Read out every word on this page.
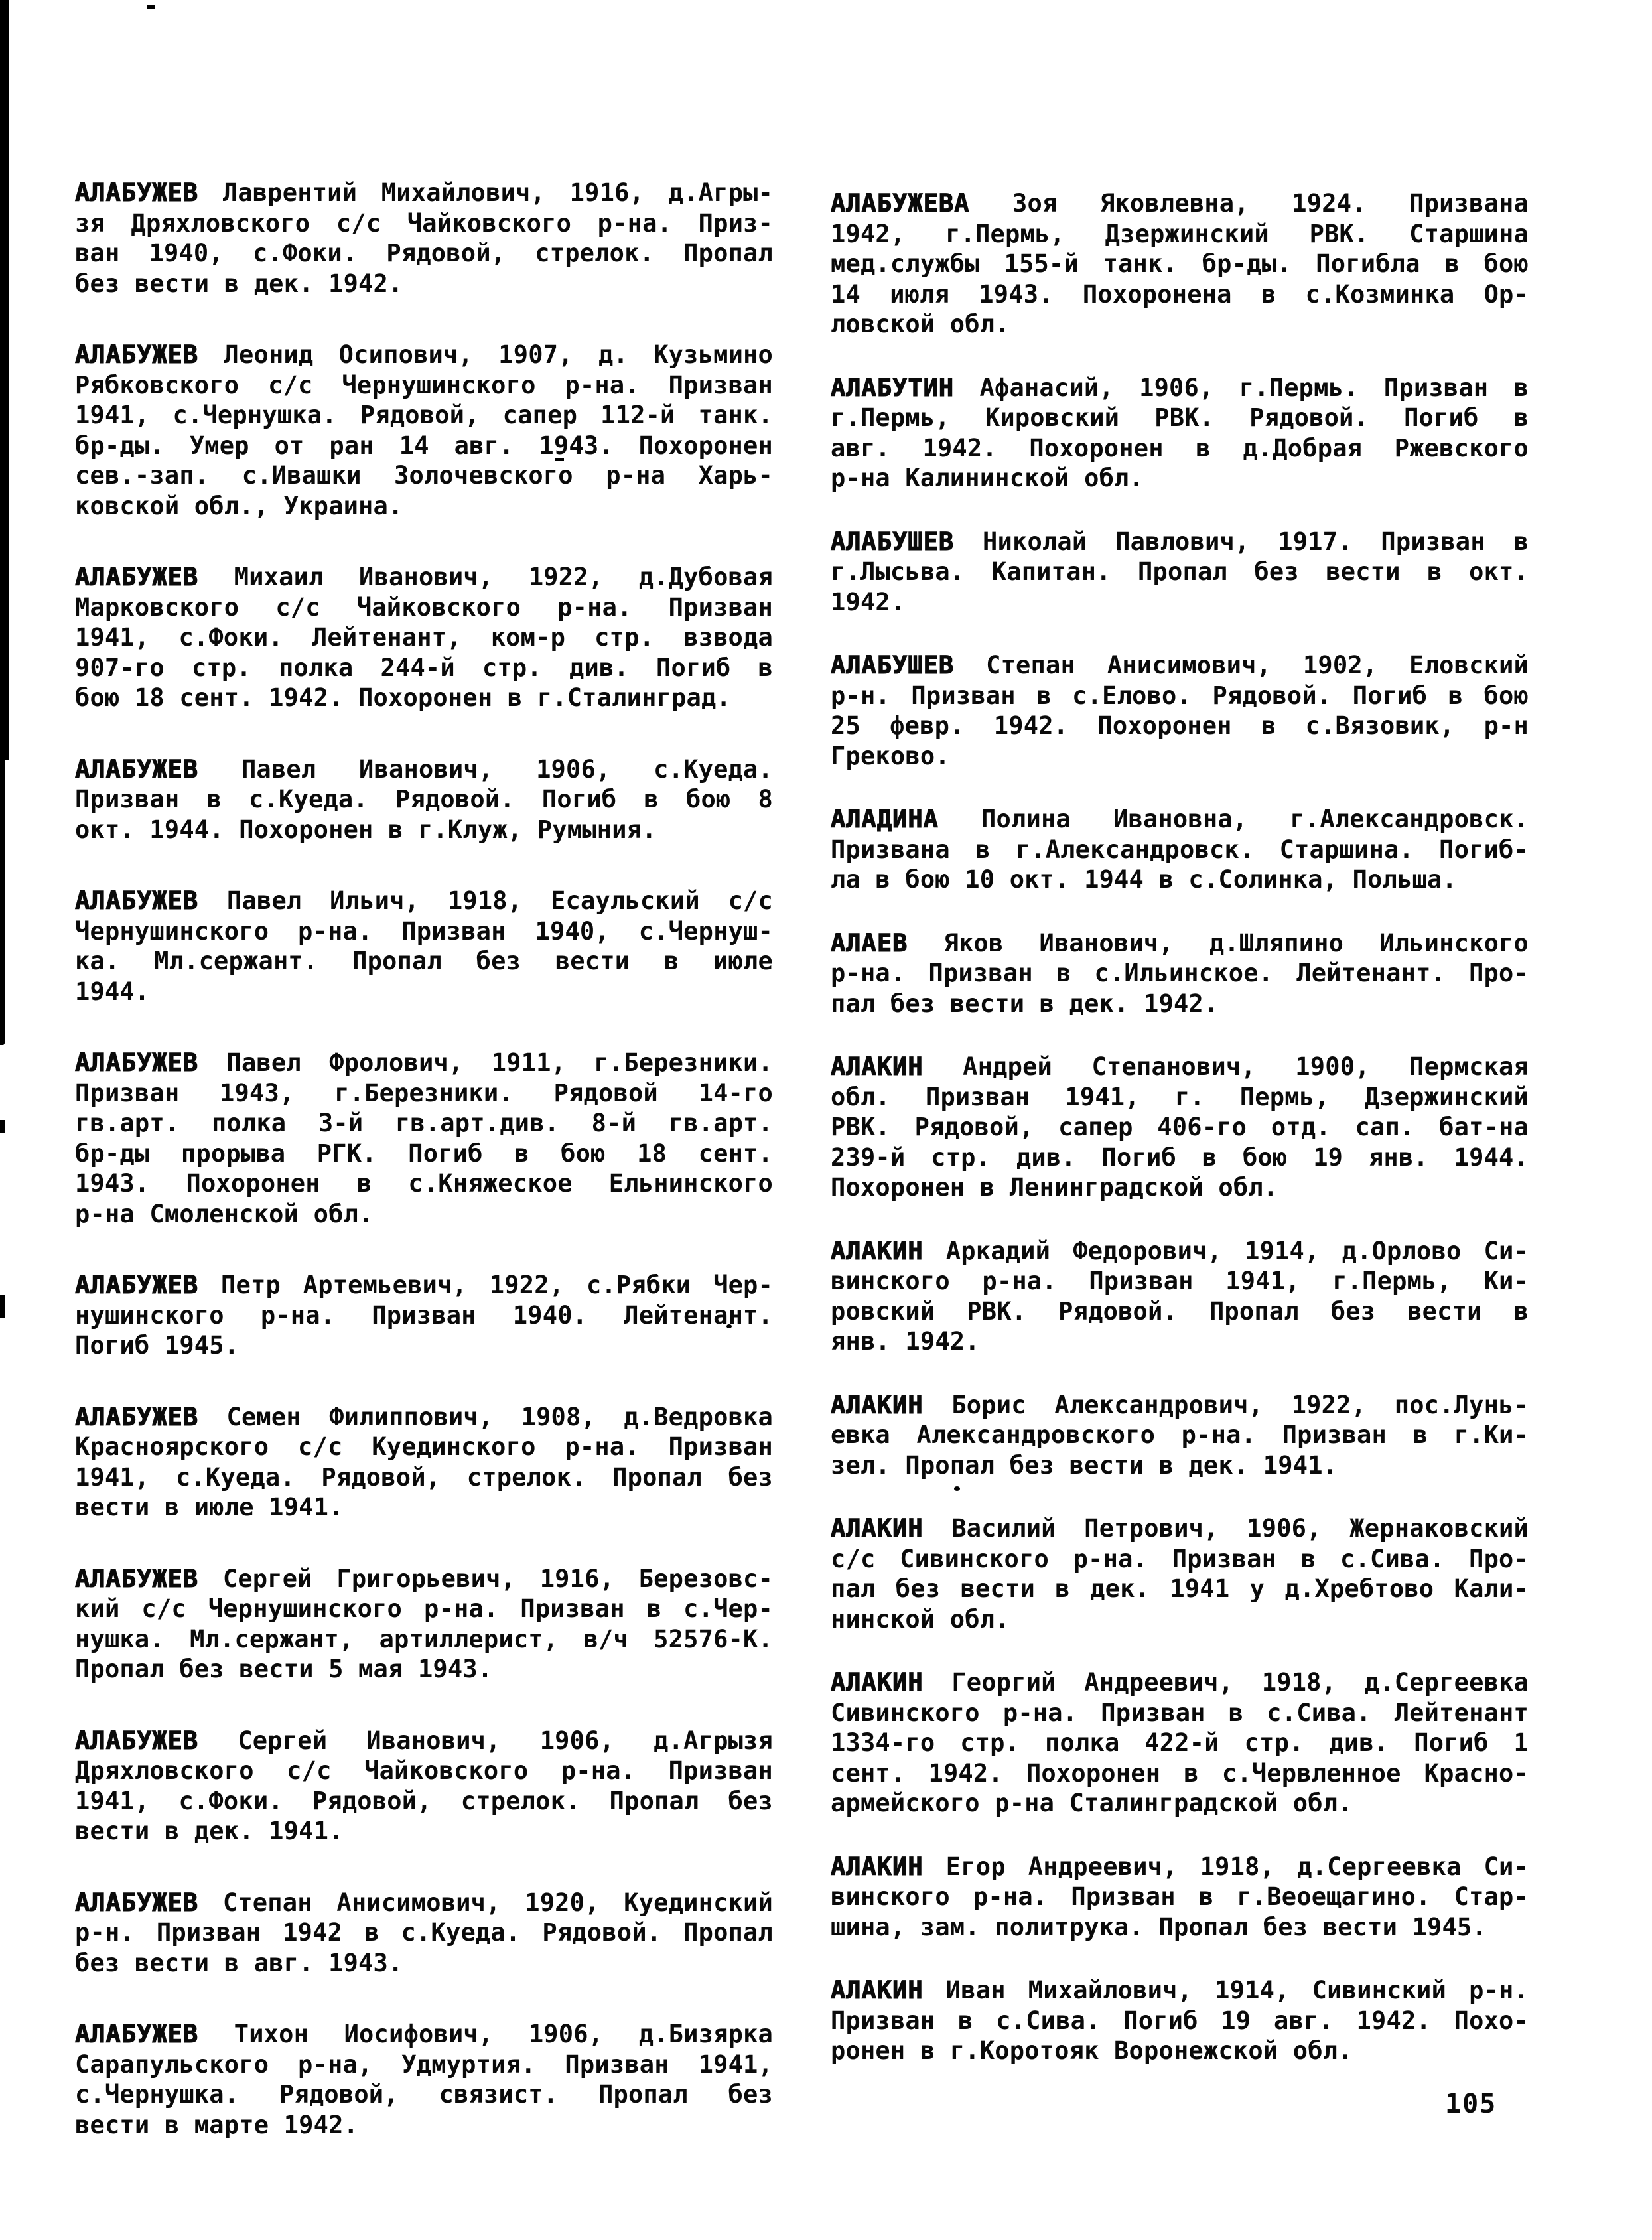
АЛАБУЖЕВ Лаврентий Михайлович, 1916, д.Агры-
зя Дряхловского с/с Чайковского р-на. Приз-
ван 1940, с.Фоки. Рядовой, стрелок. Пропал
без вести в дек. 1942.
АЛАБУЖЕВ Леонид Осипович, 1907, д. Кузьмино
Рябковского с/с Чернушинского р-на. Призван
1941, с.Чернушка. Рядовой, сапер 112-й танк.
бр-ды. Умер от ран 14 авг. 1943. Похоронен
сев.-зап. с.Ивашки Золочевского р-на Харь-
ковской обл., Украина.
АЛАБУЖЕВ Михаил Иванович, 1922, д.Дубовая
Марковского с/с Чайковского р-на. Призван
1941, с.Фоки. Лейтенант, ком-р стр. взвода
907-го стр. полка 244-й стр. див. Погиб в
бою 18 сент. 1942. Похоронен в г.Сталинград.
АЛАБУЖЕВ Павел Иванович, 1906, с.Куеда.
Призван в с.Куеда. Рядовой. Погиб в бою 8
окт. 1944. Похоронен в г.Клуж, Румыния.
АЛАБУЖЕВ Павел Ильич, 1918, Есаульский с/с
Чернушинского р-на. Призван 1940, с.Чернуш-
ка. Мл.сержант. Пропал без вести в июле
1944.
АЛАБУЖЕВ Павел Фролович, 1911, г.Березники.
Призван 1943, г.Березники. Рядовой 14-го
гв.арт. полка 3-й гв.арт.див. 8-й гв.арт.
бр-ды прорыва РГК. Погиб в бою 18 сент.
1943. Похоронен в с.Княжеское Ельнинского
р-на Смоленской обл.
АЛАБУЖЕВ Петр Артемьевич, 1922, с.Рябки Чер-
нушинского р-на. Призван 1940. Лейтенант.
Погиб 1945.
АЛАБУЖЕВ Семен Филиппович, 1908, д.Ведровка
Красноярского с/с Куединского р-на. Призван
1941, с.Куеда. Рядовой, стрелок. Пропал без
вести в июле 1941.
АЛАБУЖЕВ Сергей Григорьевич, 1916, Березовс-
кий с/с Чернушинского р-на. Призван в с.Чер-
нушка. Мл.сержант, артиллерист, в/ч 52576-К.
Пропал без вести 5 мая 1943.
АЛАБУЖЕВ Сергей Иванович, 1906, д.Агрызя
Дряхловского с/с Чайковского р-на. Призван
1941, с.Фоки. Рядовой, стрелок. Пропал без
вести в дек. 1941.
АЛАБУЖЕВ Степан Анисимович, 1920, Куединский
р-н. Призван 1942 в с.Куеда. Рядовой. Пропал
без вести в авг. 1943.
АЛАБУЖЕВ Тихон Иосифович, 1906, д.Бизярка
Сарапульского р-на, Удмуртия. Призван 1941,
с.Чернушка. Рядовой, связист. Пропал без
вести в марте 1942.
АЛАБУЖЕВА Зоя Яковлевна, 1924. Призвана
1942, г.Пермь, Дзержинский РВК. Старшина
мед.службы 155-й танк. бр-ды. Погибла в бою
14 июля 1943. Похоронена в с.Козминка Ор-
ловской обл.
АЛАБУТИН Афанасий, 1906, г.Пермь. Призван в
г.Пермь, Кировский РВК. Рядовой. Погиб в
авг. 1942. Похоронен в д.Добрая Ржевского
р-на Калининской обл.
АЛАБУШЕВ Николай Павлович, 1917. Призван в
г.Лысьва. Капитан. Пропал без вести в окт.
1942.
АЛАБУШЕВ Степан Анисимович, 1902, Еловский
р-н. Призван в с.Елово. Рядовой. Погиб в бою
25 февр. 1942. Похоронен в с.Вязовик, р-н
Греково.
АЛАДИНА Полина Ивановна, г.Александровск.
Призвана в г.Александровск. Старшина. Погиб-
ла в бою 10 окт. 1944 в с.Солинка, Польша.
АЛАЕВ Яков Иванович, д.Шляпино Ильинского
р-на. Призван в с.Ильинское. Лейтенант. Про-
пал без вести в дек. 1942.
АЛАКИН Андрей Степанович, 1900, Пермская
обл. Призван 1941, г. Пермь, Дзержинский
РВК. Рядовой, сапер 406-го отд. сап. бат-на
239-й стр. див. Погиб в бою 19 янв. 1944.
Похоронен в Ленинградской обл.
АЛАКИН Аркадий Федорович, 1914, д.Орлово Си-
винского р-на. Призван 1941, г.Пермь, Ки-
ровский РВК. Рядовой. Пропал без вести в
янв. 1942.
АЛАКИН Борис Александрович, 1922, пос.Лунь-
евка Александровского р-на. Призван в г.Ки-
зел. Пропал без вести в дек. 1941.
АЛАКИН Василий Петрович, 1906, Жернаковский
с/с Сивинского р-на. Призван в с.Сива. Про-
пал без вести в дек. 1941 у д.Хребтово Кали-
нинской обл.
АЛАКИН Георгий Андреевич, 1918, д.Сергеевка
Сивинского р-на. Призван в с.Сива. Лейтенант
1334-го стр. полка 422-й стр. див. Погиб 1
сент. 1942. Похоронен в с.Червленное Красно-
армейского р-на Сталинградской обл.
АЛАКИН Егор Андреевич, 1918, д.Сергеевка Си-
винского р-на. Призван в г.Веоещагино. Стар-
шина, зам. политрука. Пропал без вести 1945.
АЛАКИН Иван Михайлович, 1914, Сивинский р-н.
Призван в с.Сива. Погиб 19 авг. 1942. Похо-
ронен в г.Коротояк Воронежской обл.
105
